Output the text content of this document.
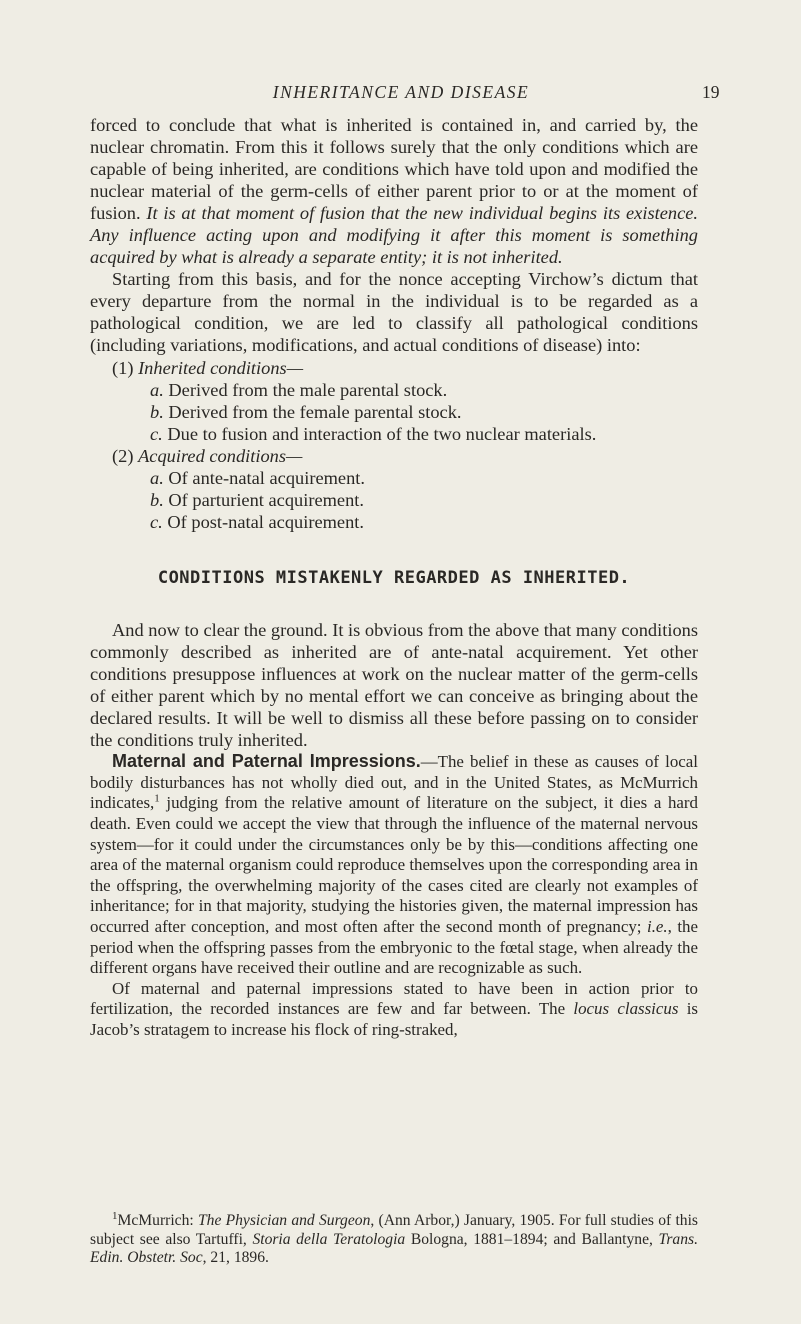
INHERITANCE AND DISEASE	19

forced to conclude that what is inherited is contained in, and carried by, the nuclear chromatin. From this it follows surely that the only conditions which are capable of being inherited, are conditions which have told upon and modified the nuclear material of the germ-cells of either parent prior to or at the moment of fusion. It is at that moment of fusion that the new individual begins its existence. Any influence acting upon and modifying it after this moment is something acquired by what is already a separate entity; it is not inherited.

Starting from this basis, and for the nonce accepting Virchow’s dictum that every departure from the normal in the individual is to be regarded as a pathological condition, we are led to classify all pathological conditions (including variations, modifications, and actual conditions of disease) into:

(1) Inherited conditions—
a. Derived from the male parental stock.
b. Derived from the female parental stock.
c. Due to fusion and interaction of the two nuclear materials.
(2) Acquired conditions—
a. Of ante-natal acquirement.
b. Of parturient acquirement.
c. Of post-natal acquirement.
CONDITIONS MISTAKENLY REGARDED AS INHERITED.

And now to clear the ground. It is obvious from the above that many conditions commonly described as inherited are of ante-natal acquirement. Yet other conditions presuppose influences at work on the nuclear matter of the germ-cells of either parent which by no mental effort we can conceive as bringing about the declared results. It will be well to dismiss all these before passing on to consider the conditions truly inherited.

Maternal and Paternal Impressions.—The belief in these as causes of local bodily disturbances has not wholly died out, and in the United States, as McMurrich indicates,$^1$ judging from the relative amount of literature on the subject, it dies a hard death. Even could we accept the view that through the influence of the maternal nervous system—for it could under the circumstances only be by this—conditions affecting one area of the maternal organism could reproduce themselves upon the corresponding area in the offspring, the overwhelming majority of the cases cited are clearly not examples of inheritance; for in that majority, studying the histories given, the maternal impression has occurred after conception, and most often after the second month of pregnancy; i.e., the period when the offspring passes from the embryonic to the fœtal stage, when already the different organs have received their outline and are recognizable as such.

Of maternal and paternal impressions stated to have been in action prior to fertilization, the recorded instances are few and far between. The locus classicus is Jacob’s stratagem to increase his flock of ring-straked,

$^1$McMurrich: The Physician and Surgeon, (Ann Arbor,) January, 1905. For full studies of this subject see also Tartuffi, Storia della Teratologia Bologna, 1881–1894; and Ballantyne, Trans. Edin. Obstetr. Soc, 21, 1896.
